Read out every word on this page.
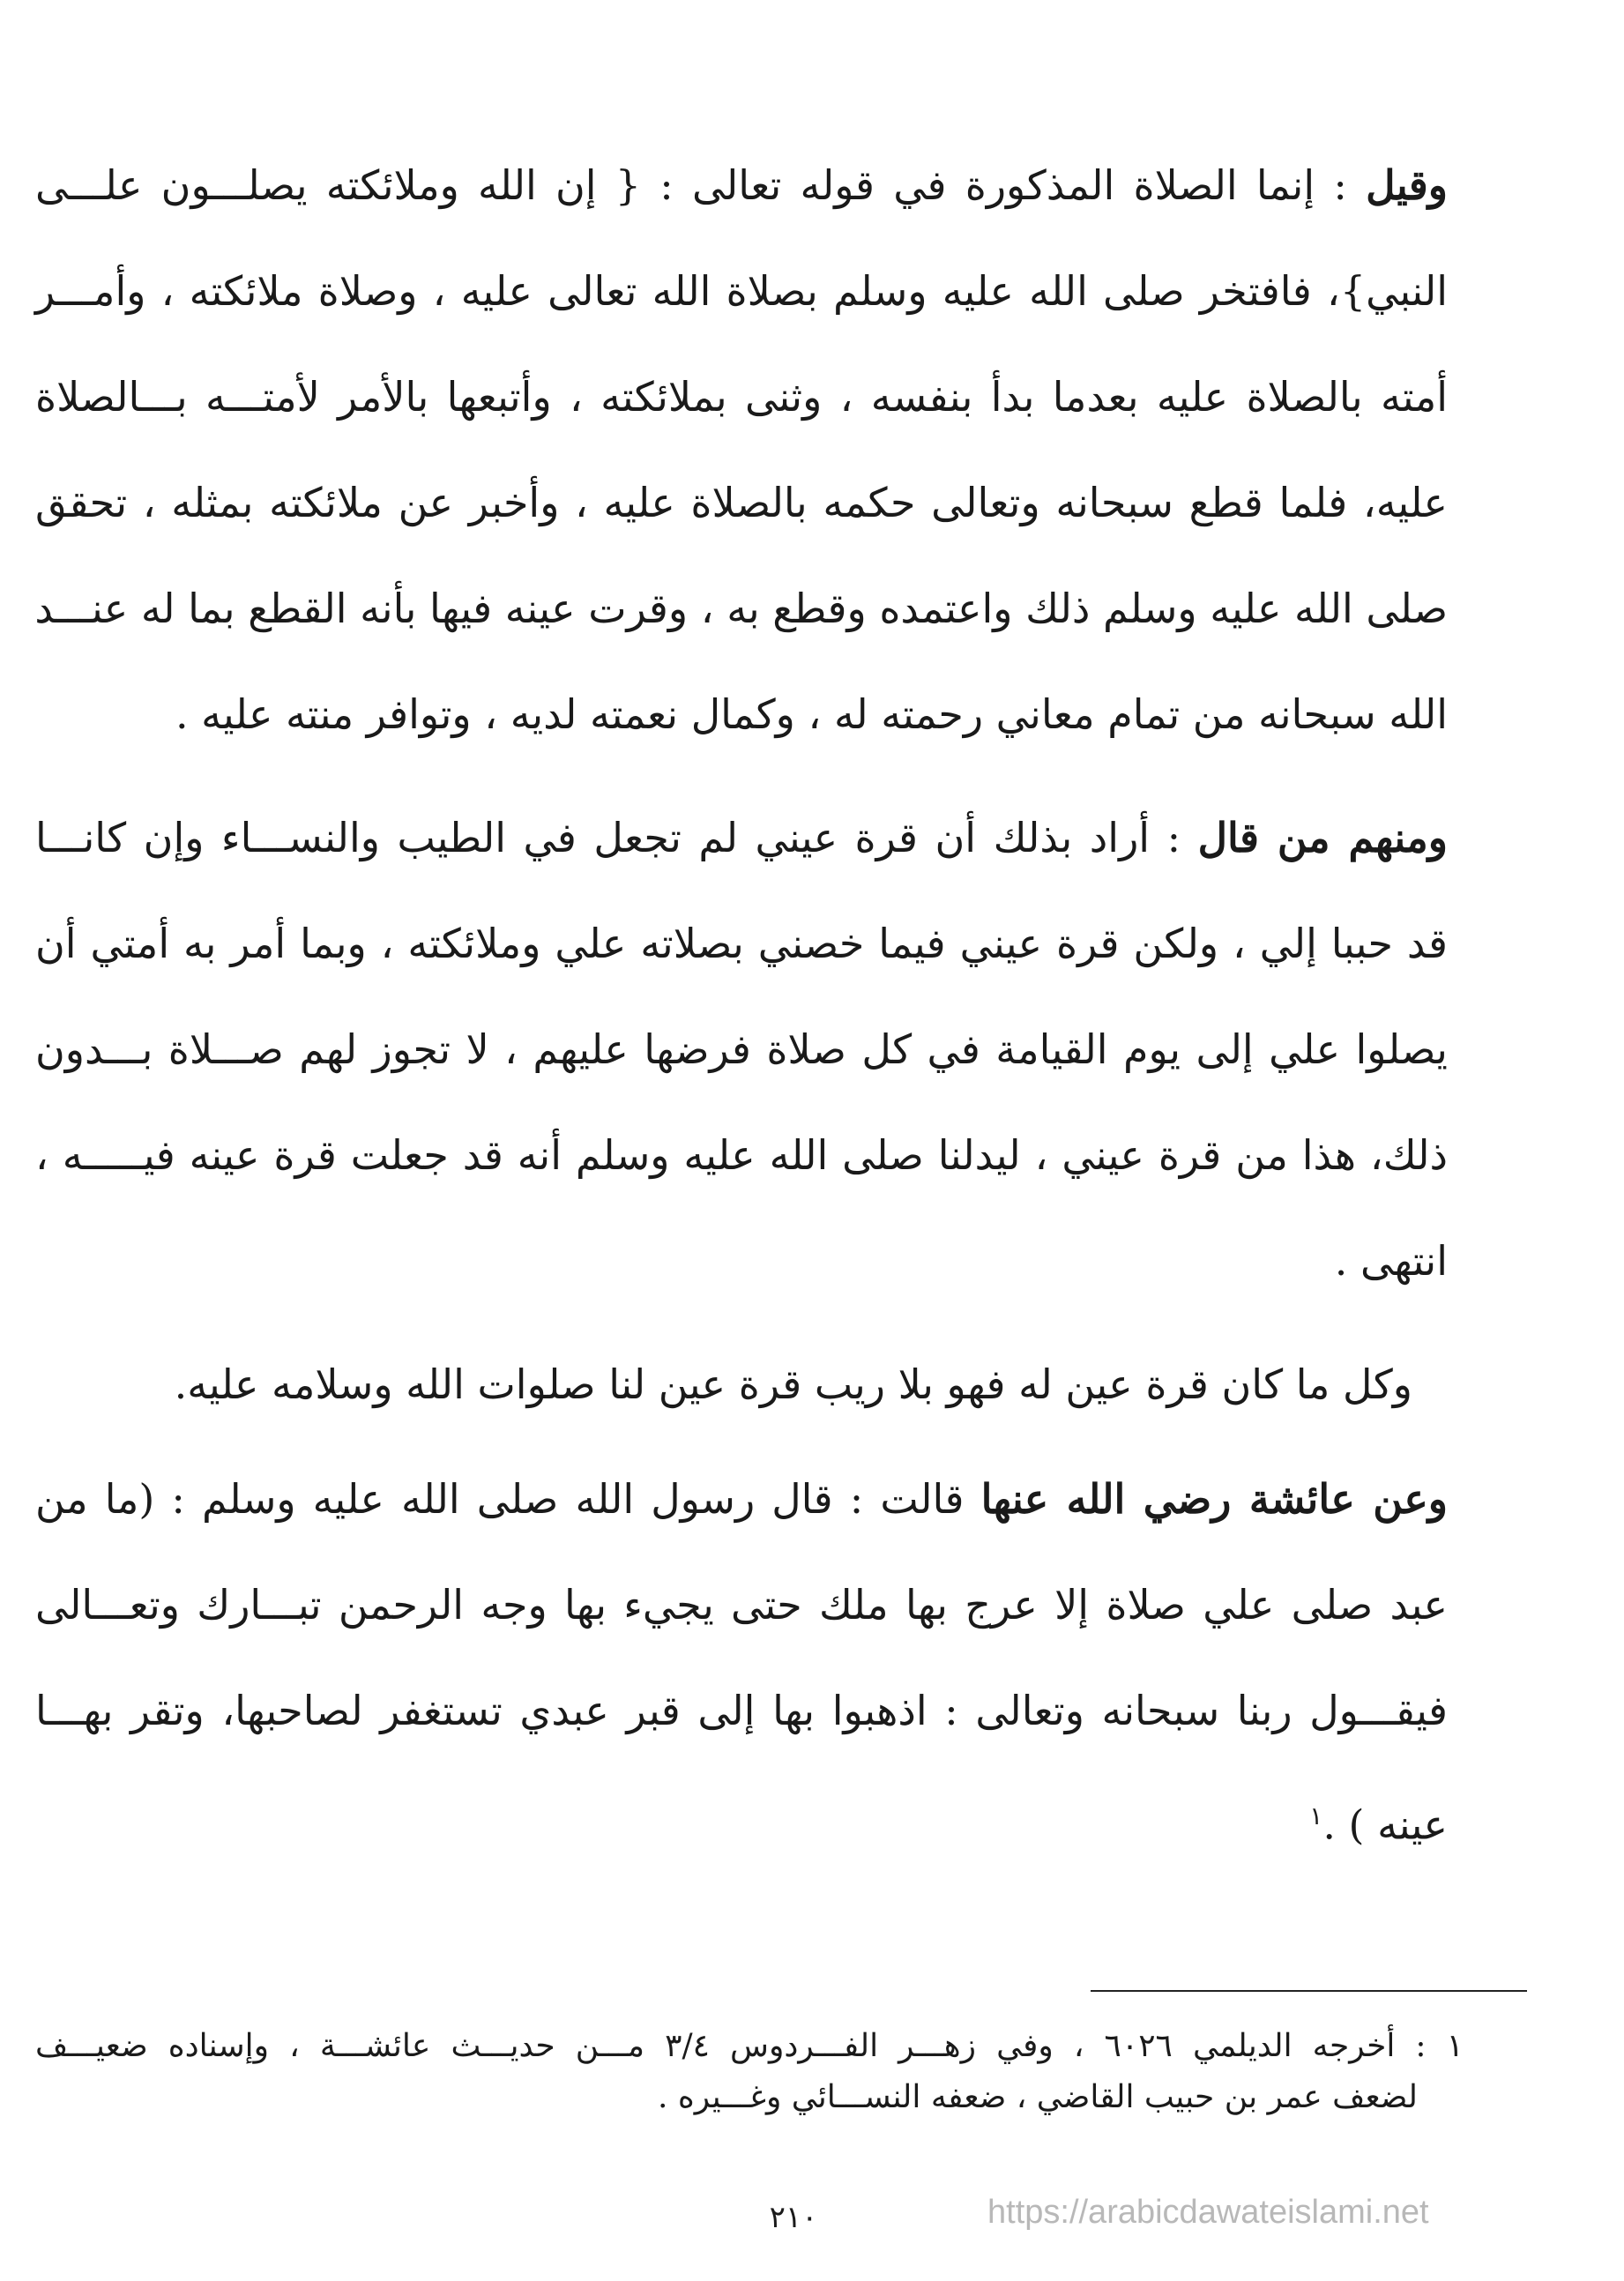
وقيل : إنما الصلاة المذكورة في قوله تعالى : { إن الله وملائكته يصلـــون علـــى
النبي}، فافتخر صلى الله عليه وسلم بصلاة الله تعالى عليه ، وصلاة ملائكته ، وأمـــر
أمته بالصلاة عليه بعدما بدأ بنفسه ، وثنى بملائكته ، وأتبعها بالأمر لأمتـــه بـــالصلاة
عليه، فلما قطع سبحانه وتعالى حكمه بالصلاة عليه ، وأخبر عن ملائكته بمثله ، تحقق
صلى الله عليه وسلم ذلك واعتمده وقطع به ، وقرت عينه فيها بأنه القطع بما له عنـــد
الله سبحانه من تمام معاني رحمته له ، وكمال نعمته لديه ، وتوافر منته عليه .
ومنهم من قال : أراد بذلك أن قرة عيني لم تجعل في الطيب والنســـاء وإن كانـــا
قد حببا إلي ، ولكن قرة عيني فيما خصني بصلاته علي وملائكته ، وبما أمر به أمتي أن
يصلوا علي إلى يوم القيامة في كل صلاة فرضها عليهم ، لا تجوز لهم صـــلاة بـــدون
ذلك، هذا من قرة عيني ، ليدلنا صلى الله عليه وسلم أنه قد جعلت قرة عينه فيـــــه ،
انتهى .
وكل ما كان قرة عين له فهو بلا ريب قرة عين لنا صلوات الله وسلامه عليه.
وعن عائشة رضي الله عنها قالت : قال رسول الله صلى الله عليه وسلم : (ما من
عبد صلى علي صلاة إلا عرج بها ملك حتى يجيء بها وجه الرحمن تبـــارك وتعـــالى
فيقـــول ربنا سبحانه وتعالى : اذهبوا بها إلى قبر عبدي تستغفر لصاحبها، وتقر بهـــا
عينه ) .$^١$
١ : أخرجه الديلمي ٦٠٢٦ ، وفي زهـــر الفـــردوس ٣/٤ مـــن حديـــث عائشـــة ، وإسناده ضعيـــف
لضعف عمر بن حبيب القاضي ، ضعفه النســـائي وغـــيره .
٢١٠	https://arabicdawateislami.net
